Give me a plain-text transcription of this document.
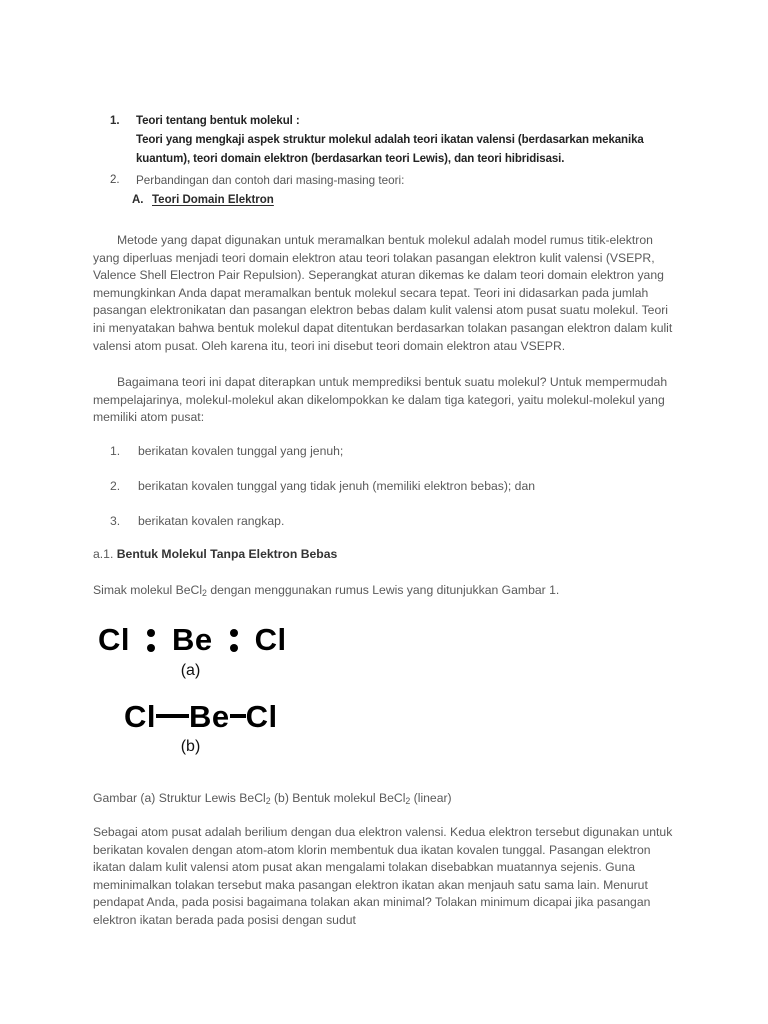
1.	Teori tentang bentuk molekul :
Teori yang mengkaji aspek struktur molekul adalah teori ikatan valensi (berdasarkan mekanika kuantum), teori domain elektron (berdasarkan teori Lewis), dan teori hibridisasi.
2.	Perbandingan dan contoh dari masing-masing teori:
A. Teori Domain Elektron
Metode yang dapat digunakan untuk meramalkan bentuk molekul adalah model rumus titik-elektron yang diperluas menjadi teori domain elektron atau teori tolakan pasangan elektron kulit valensi (VSEPR, Valence Shell Electron Pair Repulsion). Seperangkat aturan dikemas ke dalam teori domain elektron yang memungkinkan Anda dapat meramalkan bentuk molekul secara tepat. Teori ini didasarkan pada jumlah pasangan elektronikatan dan pasangan elektron bebas dalam kulit valensi atom pusat suatu molekul. Teori ini menyatakan bahwa bentuk molekul dapat ditentukan berdasarkan tolakan pasangan elektron dalam kulit valensi atom pusat. Oleh karena itu, teori ini disebut teori domain elektron atau VSEPR.
Bagaimana teori ini dapat diterapkan untuk memprediksi bentuk suatu molekul? Untuk mempermudah mempelajarinya, molekul-molekul akan dikelompokkan ke dalam tiga kategori, yaitu molekul-molekul yang memiliki atom pusat:
1.	berikatan kovalen tunggal yang jenuh;
2.	berikatan kovalen tunggal yang tidak jenuh (memiliki elektron bebas); dan
3.	berikatan kovalen rangkap.
a.1. Bentuk Molekul Tanpa Elektron Bebas
Simak molekul BeCl$_2$ dengan menggunakan rumus Lewis yang ditunjukkan Gambar 1.
Cl Be Cl
(a)
Cl Be Cl
(b)
Gambar (a) Struktur Lewis BeCl$_2$ (b) Bentuk molekul BeCl$_2$ (linear)
Sebagai atom pusat adalah berilium dengan dua elektron valensi. Kedua elektron tersebut digunakan untuk berikatan kovalen dengan atom-atom klorin membentuk dua ikatan kovalen tunggal. Pasangan elektron ikatan dalam kulit valensi atom pusat akan mengalami tolakan disebabkan muatannya sejenis. Guna meminimalkan tolakan tersebut maka pasangan elektron ikatan akan menjauh satu sama lain. Menurut pendapat Anda, pada posisi bagaimana tolakan akan minimal? Tolakan minimum dicapai jika pasangan elektron ikatan berada pada posisi dengan sudut
